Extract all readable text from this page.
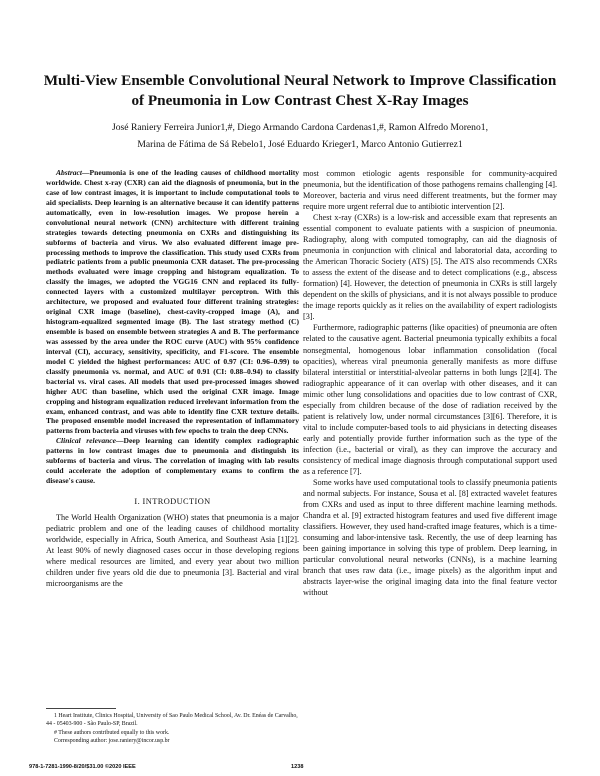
Multi-View Ensemble Convolutional Neural Network to Improve Classification of Pneumonia in Low Contrast Chest X-Ray Images
José Raniery Ferreira Junior1,#, Diego Armando Cardona Cardenas1,#, Ramon Alfredo Moreno1,
Marina de Fátima de Sá Rebelo1, José Eduardo Krieger1, Marco Antonio Gutierrez1

Abstract—Pneumonia is one of the leading causes of childhood mortality worldwide. Chest x-ray (CXR) can aid the diagnosis of pneumonia, but in the case of low contrast images, it is important to include computational tools to aid specialists. Deep learning is an alternative because it can identify patterns automatically, even in low-resolution images. We propose herein a convolutional neural network (CNN) architecture with different training strategies towards detecting pneumonia on CXRs and distinguishing its subforms of bacteria and virus. We also evaluated different image pre-processing methods to improve the classification. This study used CXRs from pediatric patients from a public pneumonia CXR dataset. The pre-processing methods evaluated were image cropping and histogram equalization. To classify the images, we adopted the VGG16 CNN and replaced its fully-connected layers with a customized multilayer perceptron. With this architecture, we proposed and evaluated four different training strategies: original CXR image (baseline), chest-cavity-cropped image (A), and histogram-equalized segmented image (B). The last strategy method (C) ensemble is based on ensemble between strategies A and B. The performance was assessed by the area under the ROC curve (AUC) with 95% confidence interval (CI), accuracy, sensitivity, specificity, and F1-score. The ensemble model C yielded the highest performances: AUC of 0.97 (CI: 0.96–0.99) to classify pneumonia vs. normal, and AUC of 0.91 (CI: 0.88–0.94) to classify bacterial vs. viral cases. All models that used pre-processed images showed higher AUC than baseline, which used the original CXR image. Image cropping and histogram equalization reduced irrelevant information from the exam, enhanced contrast, and was able to identify fine CXR texture details. The proposed ensemble model increased the representation of inflammatory patterns from bacteria and viruses with few epochs to train the deep CNNs.

Clinical relevance—Deep learning can identify complex radiographic patterns in low contrast images due to pneumonia and distinguish its subforms of bacteria and virus. The correlation of imaging with lab results could accelerate the adoption of complementary exams to confirm the disease's cause.

I. INTRODUCTION

The World Health Organization (WHO) states that pneumonia is a major pediatric problem and one of the leading causes of childhood mortality worldwide, especially in Africa, South America, and Southeast Asia [1][2]. At least 90% of newly diagnosed cases occur in those developing regions where medical resources are limited, and every year about two million children under five years old die due to pneumonia [3]. Bacterial and viral microorganisms are the

most common etiologic agents responsible for community-acquired pneumonia, but the identification of those pathogens remains challenging [4]. Moreover, bacteria and virus need different treatments, but the former may require more urgent referral due to antibiotic intervention [2].

Chest x-ray (CXRs) is a low-risk and accessible exam that represents an essential component to evaluate patients with a suspicion of pneumonia. Radiography, along with computed tomography, can aid the diagnosis of pneumonia in conjunction with clinical and laboratorial data, according to the American Thoracic Society (ATS) [5]. The ATS also recommends CXRs to assess the extent of the disease and to detect complications (e.g., abscess formation) [4]. However, the detection of pneumonia in CXRs is still largely dependent on the skills of physicians, and it is not always possible to produce the image reports quickly as it relies on the availability of expert radiologists [3].

Furthermore, radiographic patterns (like opacities) of pneumonia are often related to the causative agent. Bacterial pneumonia typically exhibits a focal nonsegmental, homogenous lobar inflammation consolidation (focal opacities), whereas viral pneumonia generally manifests as more diffuse bilateral interstitial or interstitial-alveolar patterns in both lungs [2][4]. The radiographic appearance of it can overlap with other diseases, and it can mimic other lung consolidations and opacities due to low contrast of CXR, especially from children because of the dose of radiation received by the patient is relatively low, under normal circumstances [3][6]. Therefore, it is vital to include computer-based tools to aid physicians in detecting diseases early and potentially provide further information such as the type of the infection (i.e., bacterial or viral), as they can improve the accuracy and consistency of medical image diagnosis through computational support used as a reference [7].

Some works have used computational tools to classify pneumonia patients and normal subjects. For instance, Sousa et al. [8] extracted wavelet features from CXRs and used as input to three different machine learning methods. Chandra et al. [9] extracted histogram features and used five different image classifiers. However, they used hand-crafted image features, which is a time-consuming and labor-intensive task. Recently, the use of deep learning has been gaining importance in solving this type of problem. Deep learning, in particular convolutional neural networks (CNNs), is a machine learning branch that uses raw data (i.e., image pixels) as the algorithm input and abstracts layer-wise the original imaging data into the final feature vector without

1 Heart Institute, Clinics Hospital, University of Sao Paulo Medical School, Av. Dr. Enéas de Carvalho, 44 - 05403-900 - São Paulo-SP, Brazil.

# These authors contributed equally to this work.

Corresponding author: jose.raniery@incor.usp.br

978-1-7281-1990-8/20/$31.00 ©2020 IEEE	1238
